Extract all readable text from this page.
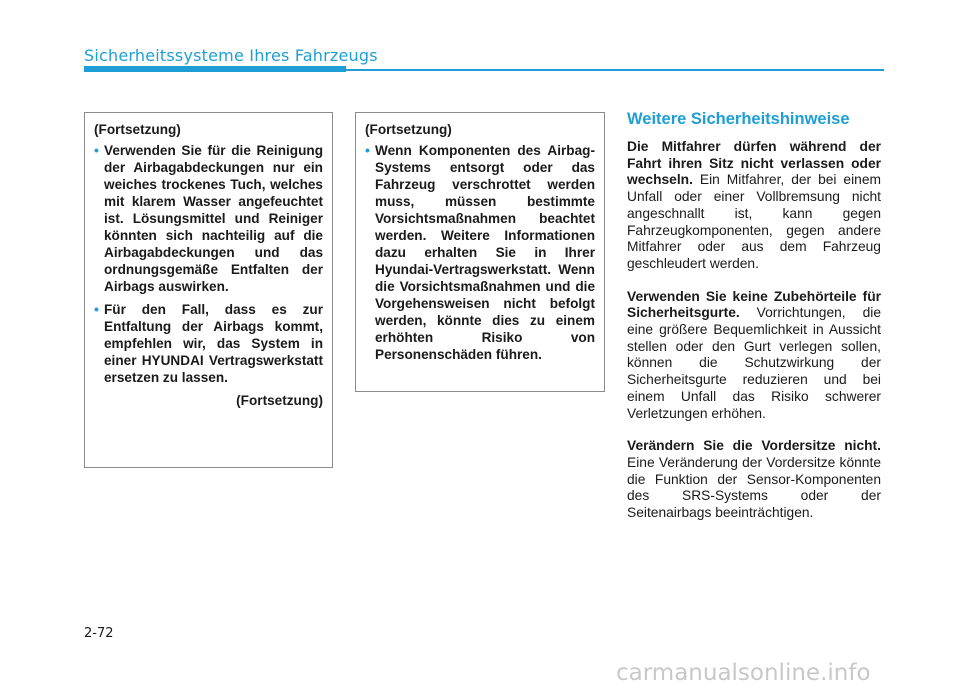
Sicherheitssysteme Ihres Fahrzeugs
(Fortsetzung)
• Verwenden Sie für die Reinigung der Airbagabdeckungen nur ein weiches trockenes Tuch, welches mit klarem Wasser angefeuchtet ist. Lösungsmittel und Reiniger könnten sich nachteilig auf die Airbagabdeckungen und das ordnungsgemäße Entfalten der Airbags auswirken.
• Für den Fall, dass es zur Entfaltung der Airbags kommt, empfehlen wir, das System in einer HYUNDAI Vertragswerkstatt ersetzen zu lassen.
(Fortsetzung)
(Fortsetzung)
• Wenn Komponenten des Airbag-Systems entsorgt oder das Fahrzeug verschrottet werden muss, müssen bestimmte Vorsichtsmaßnahmen beachtet werden. Weitere Informationen dazu erhalten Sie in Ihrer Hyundai-Vertragswerkstatt. Wenn die Vorsichtsmaßnahmen und die Vorgehensweisen nicht befolgt werden, könnte dies zu einem erhöhten Risiko von Personenschäden führen.
Weitere Sicherheitshinweise

Die Mitfahrer dürfen während der Fahrt ihren Sitz nicht verlassen oder wechseln. Ein Mitfahrer, der bei einem Unfall oder einer Vollbremsung nicht angeschnallt ist, kann gegen Fahrzeugkomponenten, gegen andere Mitfahrer oder aus dem Fahrzeug geschleudert werden.

Verwenden Sie keine Zubehörteile für Sicherheitsgurte. Vorrichtungen, die eine größere Bequemlichkeit in Aussicht stellen oder den Gurt verlegen sollen, können die Schutzwirkung der Sicherheitsgurte reduzieren und bei einem Unfall das Risiko schwerer Verletzungen erhöhen.

Verändern Sie die Vordersitze nicht. Eine Veränderung der Vordersitze könnte die Funktion der Sensor-Komponenten des SRS-Systems oder der Seitenairbags beeinträchtigen.

2-72
carmanualsonline.info
